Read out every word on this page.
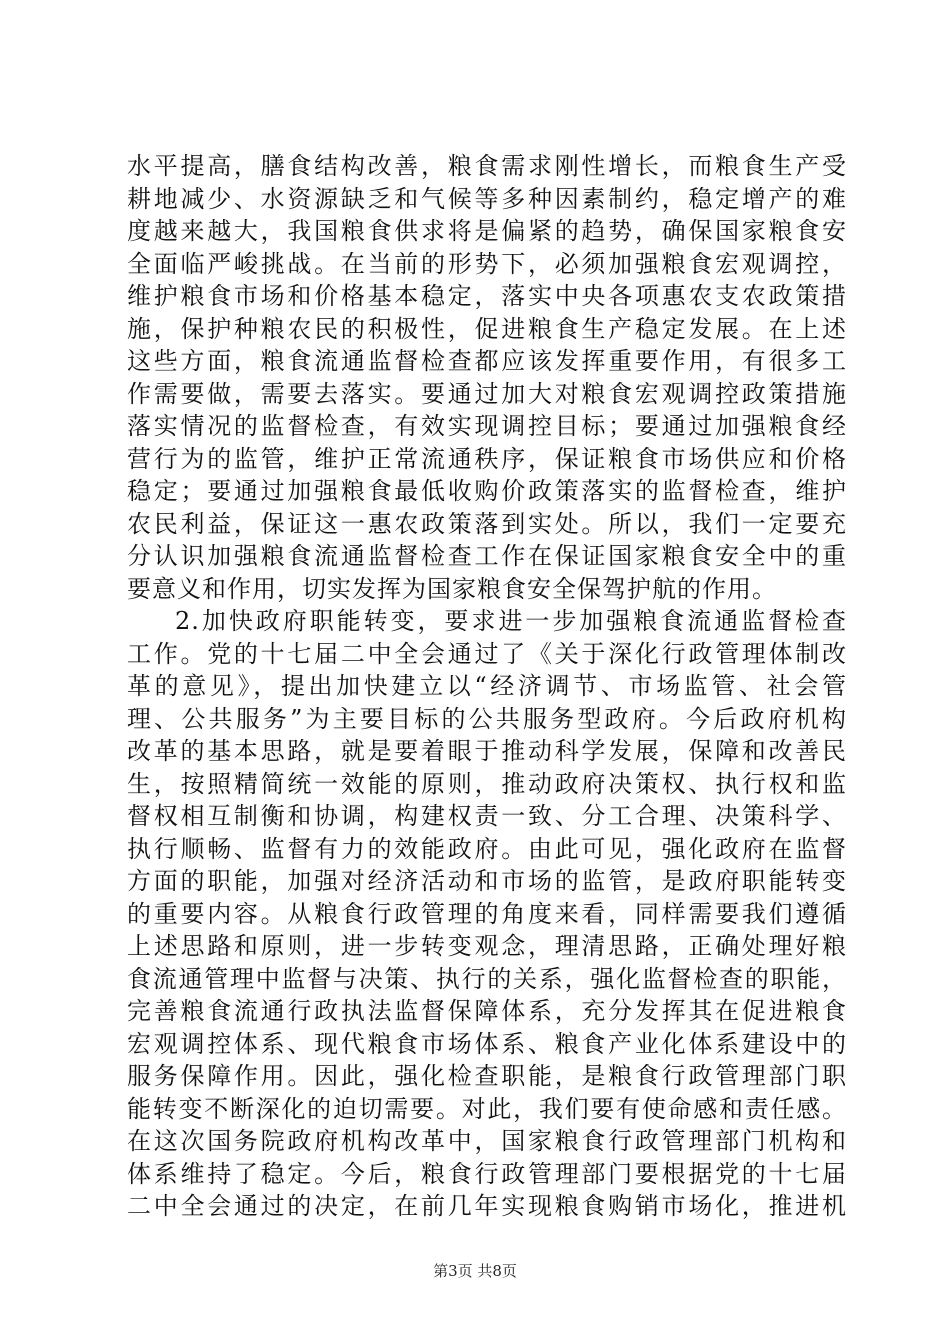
水平提高，膳食结构改善，粮食需求刚性增长，而粮食生产受
耕地减少、水资源缺乏和气候等多种因素制约，稳定增产的难
度越来越大，我国粮食供求将是偏紧的趋势，确保国家粮食安
全面临严峻挑战。在当前的形势下，必须加强粮食宏观调控，
维护粮食市场和价格基本稳定，落实中央各项惠农支农政策措
施，保护种粮农民的积极性，促进粮食生产稳定发展。在上述
这些方面，粮食流通监督检查都应该发挥重要作用，有很多工
作需要做，需要去落实。要通过加大对粮食宏观调控政策措施
落实情况的监督检查，有效实现调控目标；要通过加强粮食经
营行为的监管，维护正常流通秩序，保证粮食市场供应和价格
稳定；要通过加强粮食最低收购价政策落实的监督检查，维护
农民利益，保证这一惠农政策落到实处。所以，我们一定要充
分认识加强粮食流通监督检查工作在保证国家粮食安全中的重
要意义和作用，切实发挥为国家粮食安全保驾护航的作用。
2.加快政府职能转变，要求进一步加强粮食流通监督检查
工作。党的十七届二中全会通过了《关于深化行政管理体制改
革的意见》，提出加快建立以“经济调节、市场监管、社会管
理、公共服务”为主要目标的公共服务型政府。今后政府机构
改革的基本思路，就是要着眼于推动科学发展，保障和改善民
生，按照精简统一效能的原则，推动政府决策权、执行权和监
督权相互制衡和协调，构建权责一致、分工合理、决策科学、
执行顺畅、监督有力的效能政府。由此可见，强化政府在监督
方面的职能，加强对经济活动和市场的监管，是政府职能转变
的重要内容。从粮食行政管理的角度来看，同样需要我们遵循
上述思路和原则，进一步转变观念，理清思路，正确处理好粮
食流通管理中监督与决策、执行的关系，强化监督检查的职能，
完善粮食流通行政执法监督保障体系，充分发挥其在促进粮食
宏观调控体系、现代粮食市场体系、粮食产业化体系建设中的
服务保障作用。因此，强化检查职能，是粮食行政管理部门职
能转变不断深化的迫切需要。对此，我们要有使命感和责任感。
在这次国务院政府机构改革中，国家粮食行政管理部门机构和
体系维持了稳定。今后，粮食行政管理部门要根据党的十七届
二中全会通过的决定，在前几年实现粮食购销市场化，推进机
第3页 共8页
